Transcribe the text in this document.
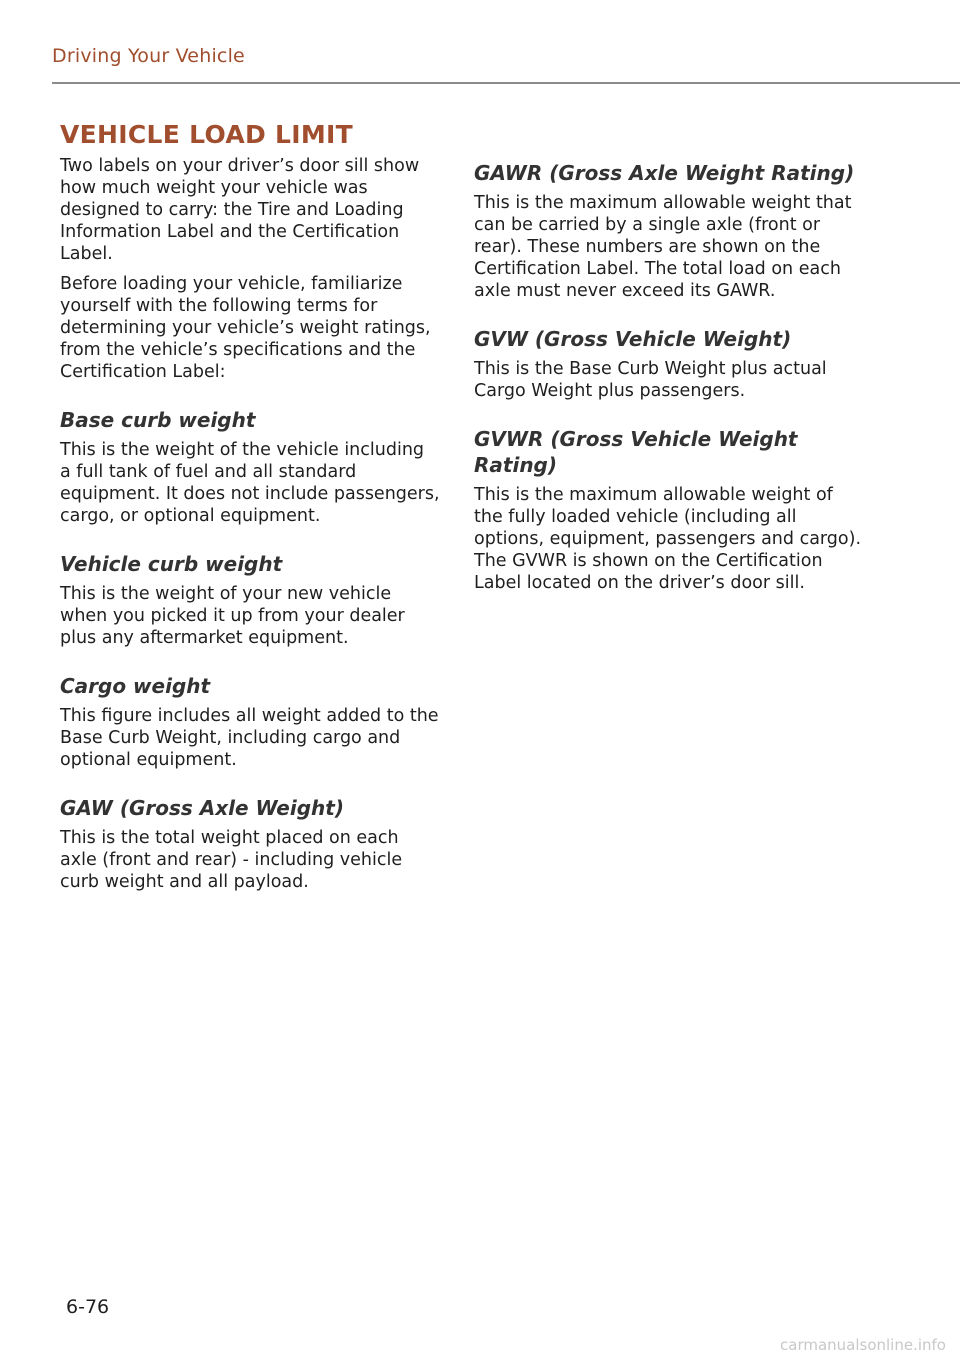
Driving Your Vehicle
VEHICLE LOAD LIMIT

Two labels on your driver’s door sill show how much weight your vehicle was designed to carry: the Tire and Loading Information Label and the Certification Label.

Before loading your vehicle, familiarize yourself with the following terms for determining your vehicle’s weight ratings, from the vehicle’s specifications and the Certification Label:

Base curb weight

This is the weight of the vehicle including a full tank of fuel and all standard equipment. It does not include passengers, cargo, or optional equipment.

Vehicle curb weight

This is the weight of your new vehicle when you picked it up from your dealer plus any aftermarket equipment.

Cargo weight

This figure includes all weight added to the Base Curb Weight, including cargo and optional equipment.

GAW (Gross Axle Weight)

This is the total weight placed on each axle (front and rear) - including vehicle curb weight and all payload.

GAWR (Gross Axle Weight Rating)

This is the maximum allowable weight that can be carried by a single axle (front or rear). These numbers are shown on the Certification Label. The total load on each axle must never exceed its GAWR.

GVW (Gross Vehicle Weight)

This is the Base Curb Weight plus actual Cargo Weight plus passengers.

GVWR (Gross Vehicle Weight Rating)

This is the maximum allowable weight of the fully loaded vehicle (including all options, equipment, passengers and cargo). The GVWR is shown on the Certification Label located on the driver’s door sill.

6-76
carmanualsonline.info
